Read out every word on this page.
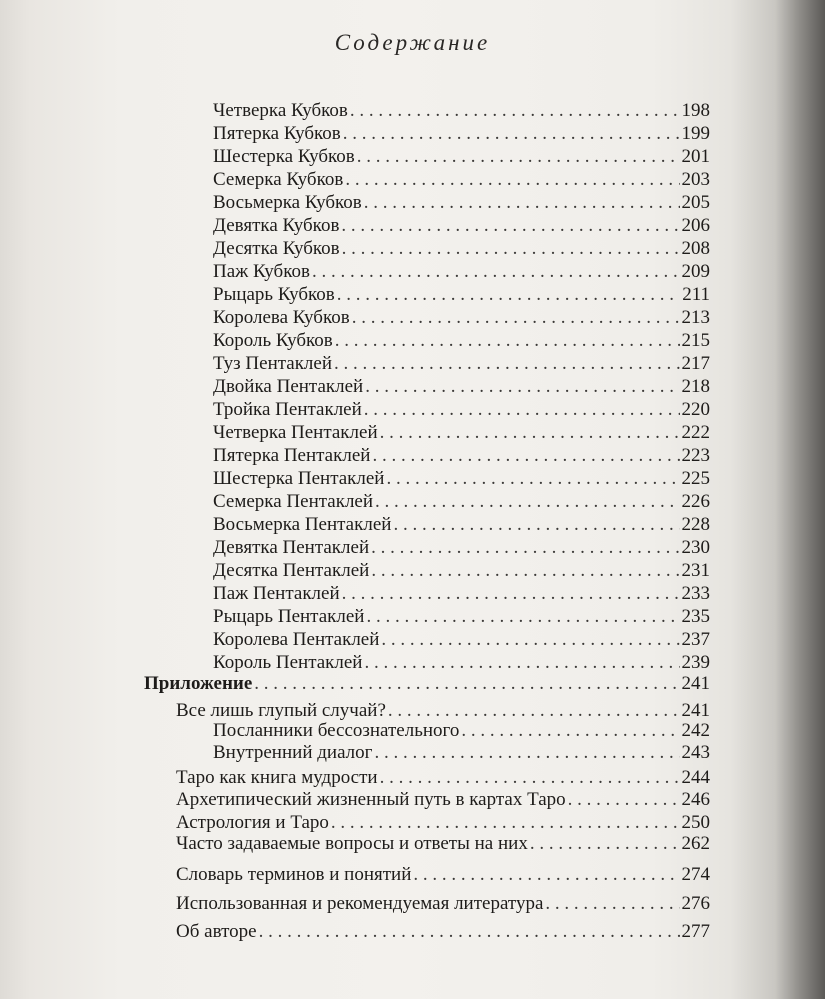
Содержание
Четверка Кубков . . .	198
Пятерка Кубков . . .	199
Шестерка Кубков . . .	201
Семерка Кубков . . .	203
Восьмерка Кубков . . .	205
Девятка Кубков . . .	206
Десятка Кубков . . .	208
Паж Кубков . . .	209
Рыцарь Кубков . . .	211
Королева Кубков . . .	213
Король Кубков . . .	215
Туз Пентаклей . . .	217
Двойка Пентаклей . . .	218
Тройка Пентаклей . . .	220
Четверка Пентаклей . . .	222
Пятерка Пентаклей . . .	223
Шестерка Пентаклей . . .	225
Семерка Пентаклей . . .	226
Восьмерка Пентаклей . . .	228
Девятка Пентаклей . . .	230
Десятка Пентаклей . . .	231
Паж Пентаклей . . .	233
Рыцарь Пентаклей . . .	235
Королева Пентаклей . . .	237
Король Пентаклей . . .	239
Приложение . . .	241
Все лишь глупый случай? . . .	241
Посланники бессознательного . . .	242
Внутренний диалог . . .	243
Таро как книга мудрости . . .	244
Архетипический жизненный путь в картах Таро . . .	246
Астрология и Таро . . .	250
Часто задаваемые вопросы и ответы на них . . .	262
Словарь терминов и понятий . . .	274
Использованная и рекомендуемая литература . . .	276
Об авторе . . .	277
